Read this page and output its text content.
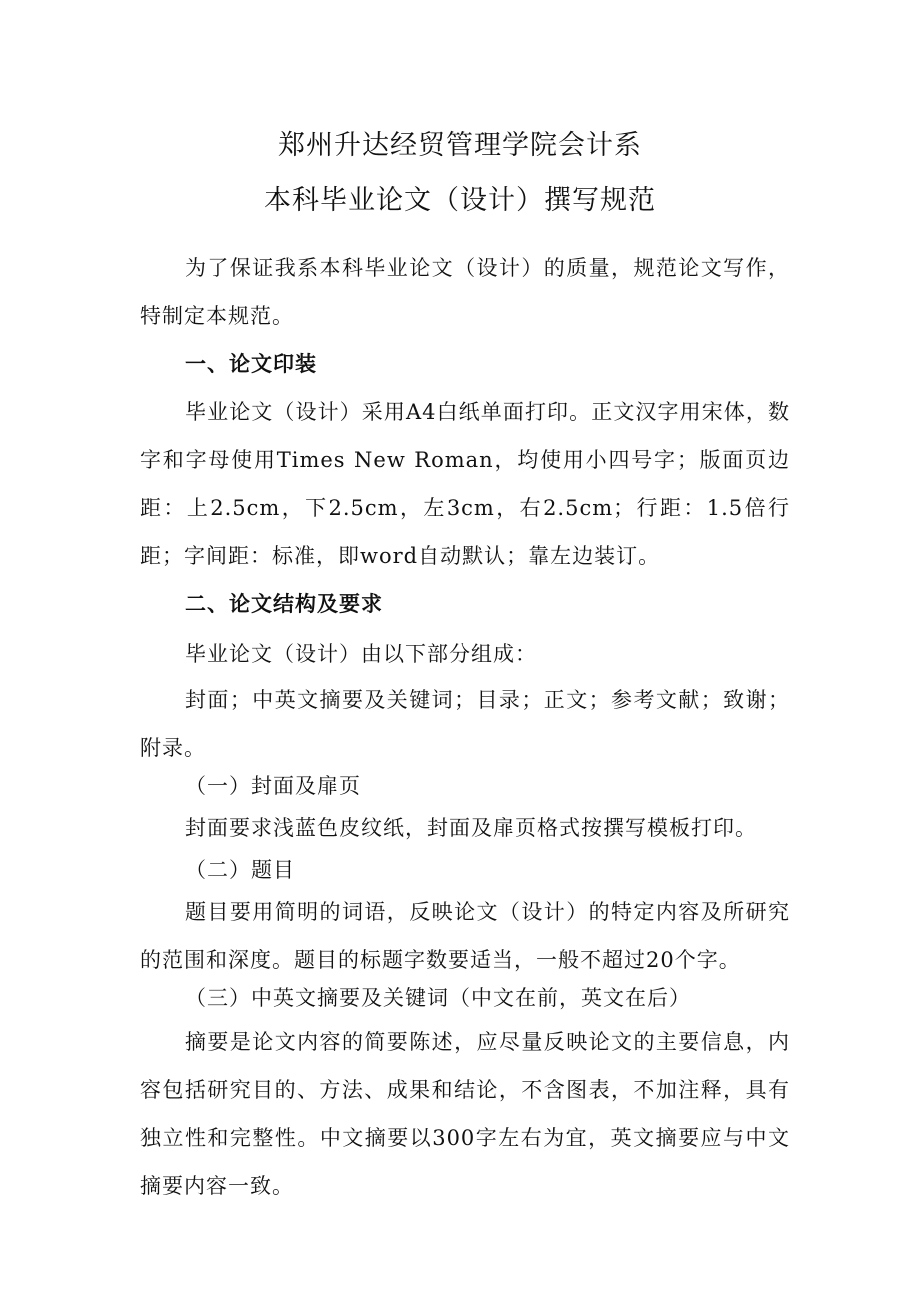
郑州升达经贸管理学院会计系
本科毕业论文（设计）撰写规范
为了保证我系本科毕业论文（设计）的质量，规范论文写作，特制定本规范。
一、论文印装
毕业论文（设计）采用A4白纸单面打印。正文汉字用宋体，数字和字母使用Times New Roman，均使用小四号字；版面页边距：上2.5cm，下2.5cm，左3cm，右2.5cm；行距：1.5倍行距；字间距：标准，即word自动默认；靠左边装订。
二、论文结构及要求
毕业论文（设计）由以下部分组成：
封面；中英文摘要及关键词；目录；正文；参考文献；致谢；附录。
（一）封面及扉页
封面要求浅蓝色皮纹纸，封面及扉页格式按撰写模板打印。
（二）题目
题目要用简明的词语，反映论文（设计）的特定内容及所研究的范围和深度。题目的标题字数要适当，一般不超过20个字。
（三）中英文摘要及关键词（中文在前，英文在后）
摘要是论文内容的简要陈述，应尽量反映论文的主要信息，内容包括研究目的、方法、成果和结论，不含图表，不加注释，具有独立性和完整性。中文摘要以300字左右为宜，英文摘要应与中文摘要内容一致。
